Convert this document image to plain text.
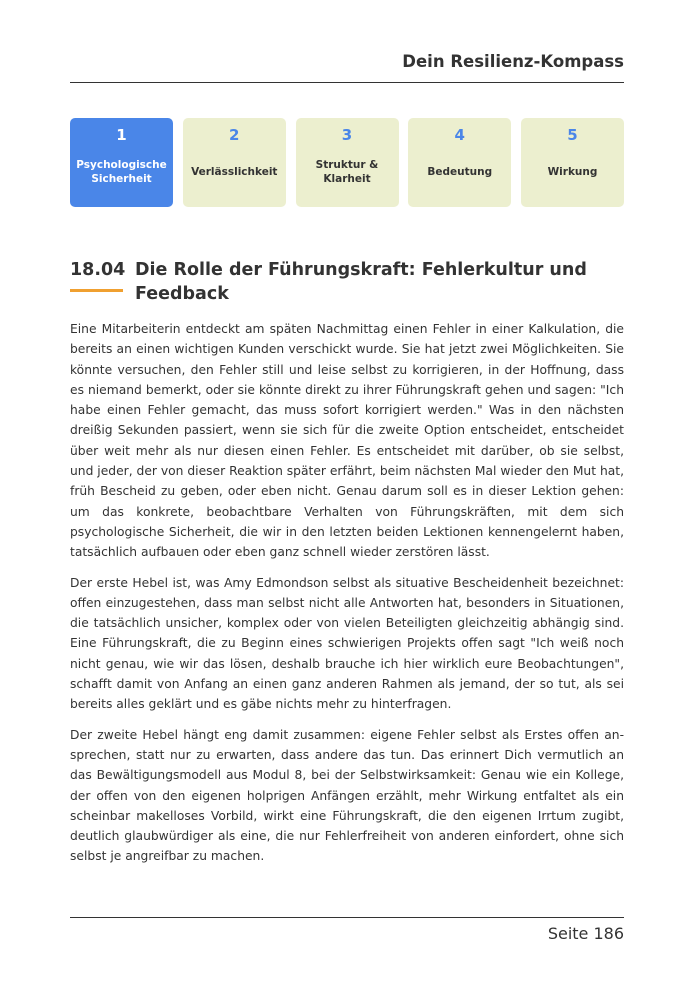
Dein Resilienz-Kompass
1
Psychologische Sicherheit
2
Verlässlichkeit
3
Struktur & Klarheit
4
Bedeutung
5
Wirkung
18.04 Die Rolle der Führungskraft: Fehlerkultur und Feedback

Eine Mitarbeiterin entdeckt am späten Nachmittag einen Fehler in einer Kalkulation, die bereits an einen wichtigen Kunden verschickt wurde. Sie hat jetzt zwei Möglichkeiten. Sie könnte versuchen, den Fehler still und leise selbst zu korrigieren, in der Hoffnung, dass es niemand bemerkt, oder sie könnte direkt zu ihrer Führungskraft gehen und sagen: "Ich habe einen Fehler gemacht, das muss sofort korrigiert werden." Was in den nächsten dreißig Sekunden passiert, wenn sie sich für die zweite Option entscheidet, entscheidet über weit mehr als nur diesen einen Fehler. Es entscheidet mit darüber, ob sie selbst, und jeder, der von dieser Reaktion später erfährt, beim nächsten Mal wieder den Mut hat, früh Bescheid zu geben, oder eben nicht. Genau darum soll es in dieser Lektion gehen: um das konkrete, beobachtbare Verhalten von Führungskräften, mit dem sich psychologische Sicherheit, die wir in den letzten beiden Lektionen kennengelernt haben, tatsächlich aufbauen oder eben ganz schnell wieder zerstören lässt.

Der erste Hebel ist, was Amy Edmondson selbst als situative Bescheidenheit bezeichnet: offen einzugestehen, dass man selbst nicht alle Antworten hat, besonders in Situationen, die tatsächlich unsicher, komplex oder von vielen Beteiligten gleichzeitig abhängig sind. Eine Führungskraft, die zu Beginn eines schwierigen Projekts offen sagt "Ich weiß noch nicht genau, wie wir das lösen, deshalb brauche ich hier wirklich eure Beobachtungen", schafft damit von Anfang an einen ganz anderen Rahmen als jemand, der so tut, als sei bereits alles geklärt und es gäbe nichts mehr zu hinterfragen.

Der zweite Hebel hängt eng damit zusammen: eigene Fehler selbst als Erstes offen ansprechen, statt nur zu erwarten, dass andere das tun. Das erinnert Dich vermutlich an das Bewältigungsmodell aus Modul 8, bei der Selbstwirksamkeit: Genau wie ein Kollege, der offen von den eigenen holprigen Anfängen erzählt, mehr Wirkung entfaltet als ein scheinbar makelloses Vorbild, wirkt eine Führungskraft, die den eigenen Irrtum zugibt, deutlich glaubwürdiger als eine, die nur Fehlerfreiheit von anderen einfordert, ohne sich selbst je angreifbar zu machen.

Seite 186
